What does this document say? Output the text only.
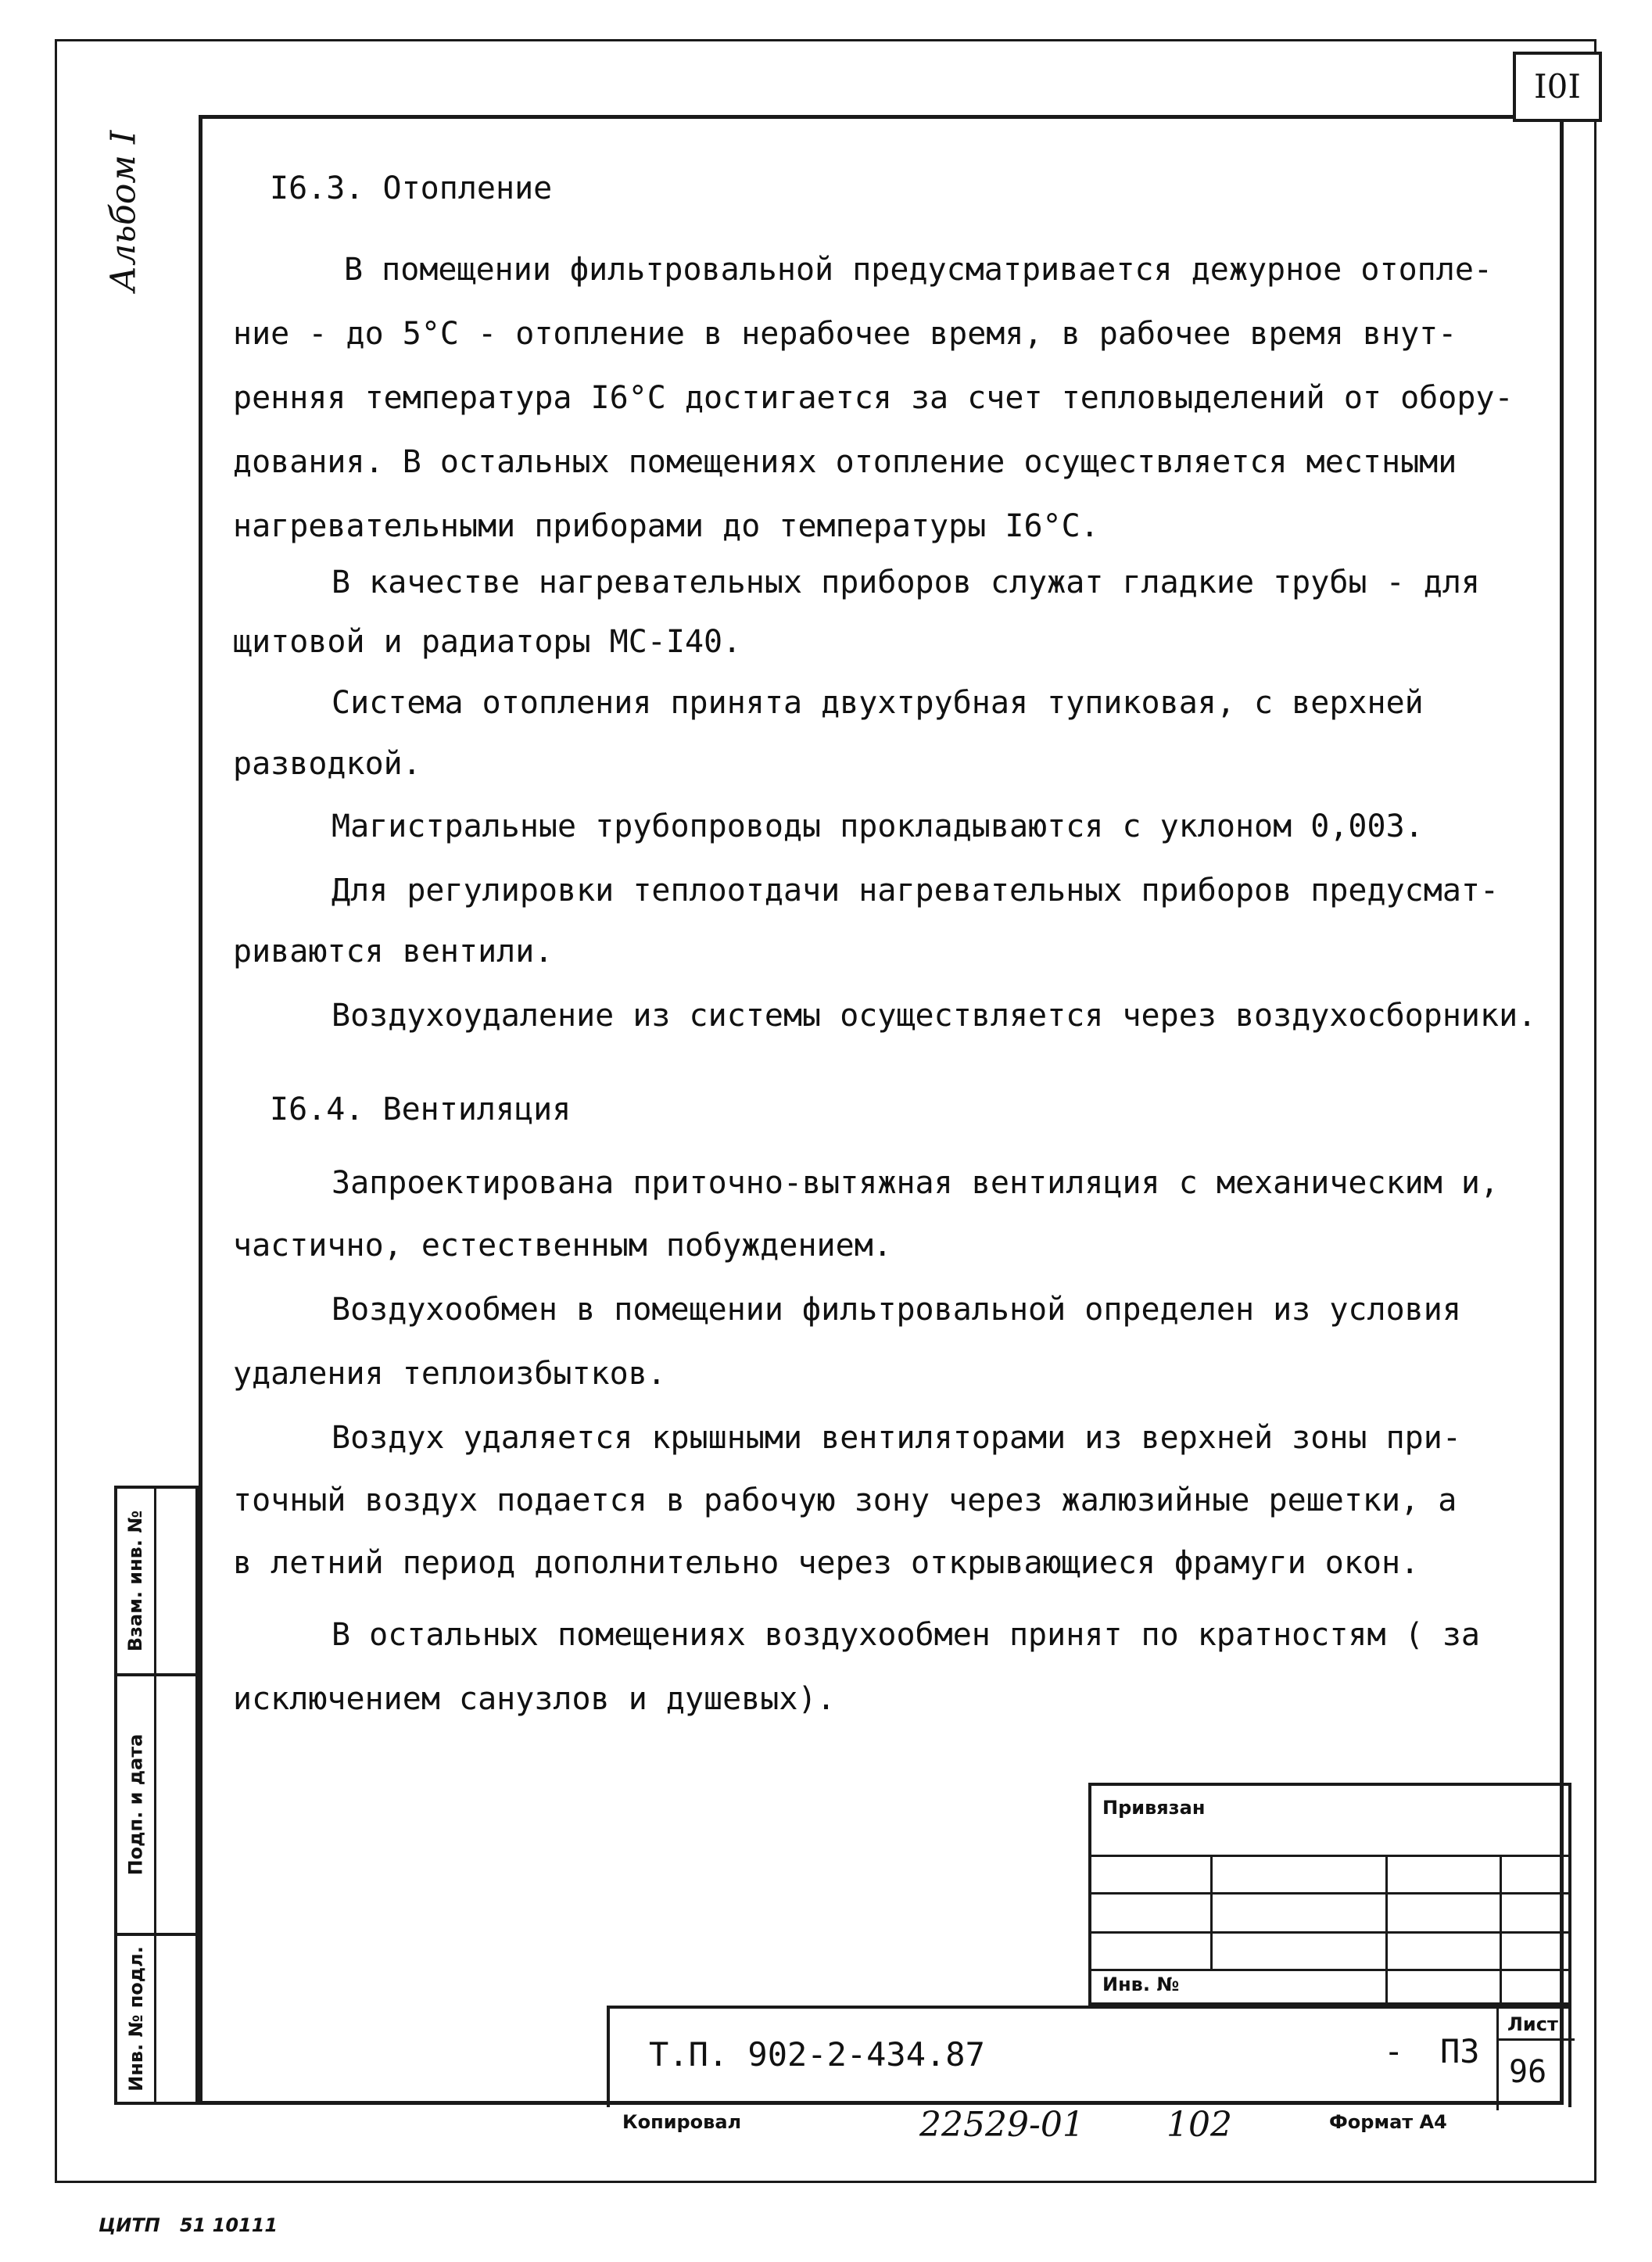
I0I
Альбом I	I6.3. Отопление
В помещении фильтровальной предусматривается дежурное отопле-
ние - до 5°С - отопление в нерабочее время, в рабочее время внут-
ренняя температура I6°С достигается за счет тепловыделений от обору-
дования. В остальных помещениях отопление осуществляется местными
нагревательными приборами до температуры I6°С.
В качестве нагревательных приборов служат гладкие трубы - для
щитовой и радиаторы МС-I40.
Система отопления принята двухтрубная тупиковая, с верхней
разводкой.
Магистральные трубопроводы прокладываются с уклоном 0,003.
Для регулировки теплоотдачи нагревательных приборов предусмат-
риваются вентили.
Воздухоудаление из системы осуществляется через воздухосборники.
I6.4. Вентиляция
Запроектирована приточно-вытяжная вентиляция с механическим и,
частично, естественным побуждением.
Воздухообмен в помещении фильтровальной определен из условия
удаления теплоизбытков.
Воздух удаляется крышными вентиляторами из верхней зоны при-
точный воздух подается в рабочую зону через жалюзийные решетки, а
в летний период дополнительно через открывающиеся фрамуги окон.
В остальных помещениях воздухообмен принят по кратностям ( за
исключением санузлов и душевых).
Взам. инв. №
Подп. и дата
Инв. № подл.
Привязан
Инв. №
Т.П. 902-2-434.87	- ПЗ
Лист
96
Копировал	22529-01 102	Формат А4
ЦИТП   51 10111
